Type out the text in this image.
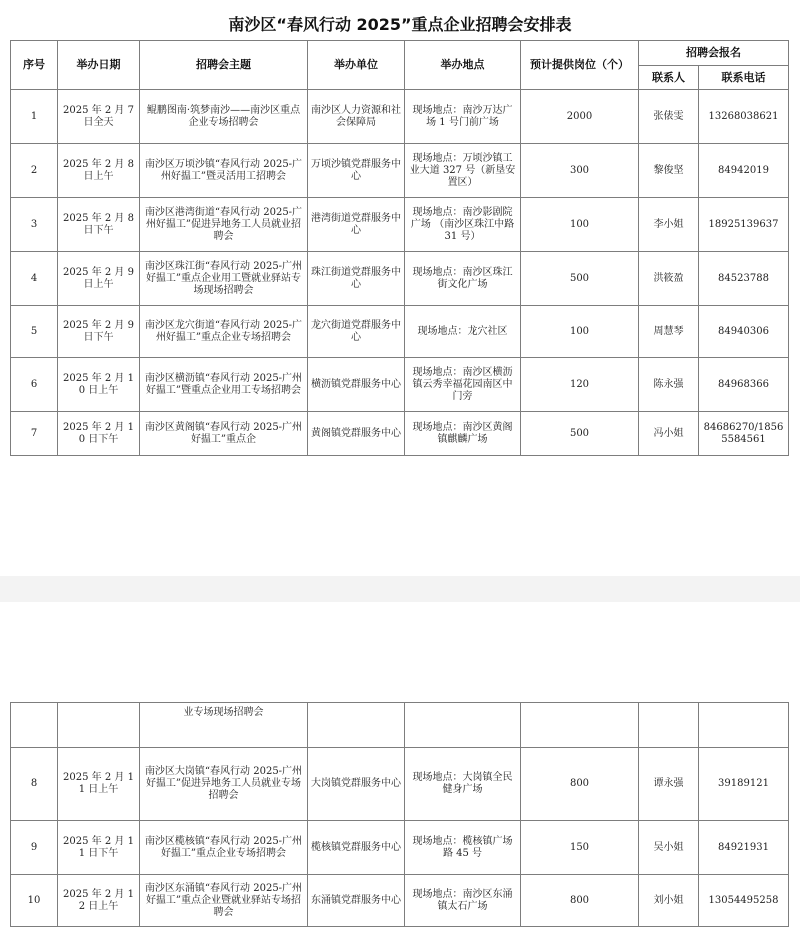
南沙区“春风行动 2025”重点企业招聘会安排表
序号	举办日期	招聘会主题	举办单位	举办地点	预计提供岗位（个）	招聘会报名	
						联系人	联系电话
1	2025 年 2 月 7 日全天	鲲鹏图南·筑梦南沙——南沙区重点企业专场招聘会	南沙区人力资源和社会保障局	现场地点：南沙万达广场 1 号门前广场	2000	张俵雯	13268038621
2	2025 年 2 月 8 日上午	南沙区万顷沙镇“春风行动 2025-广州好揾工”暨灵活用工招聘会	万顷沙镇党群服务中心	现场地点：万顷沙镇工业大道 327 号（新垦安置区）	300	黎俊坚	84942019
3	2025 年 2 月 8 日下午	南沙区港湾街道“春风行动 2025-广州好揾工”促进异地务工人员就业招聘会	港湾街道党群服务中心	现场地点：南沙影剧院广场 （南沙区珠江中路 31 号）	100	李小姐	18925139637
4	2025 年 2 月 9 日上午	南沙区珠江街“春风行动 2025-广州好揾工”重点企业用工暨就业驿站专场现场招聘会	珠江街道党群服务中心	现场地点：南沙区珠江街文化广场	500	洪筱盈	84523788
5	2025 年 2 月 9 日下午	南沙区龙穴街道“春风行动 2025-广州好揾工”重点企业专场招聘会	龙穴街道党群服务中心	现场地点：龙穴社区	100	周慧琴	84940306
6	2025 年 2 月 10 日上午	南沙区横沥镇“春风行动 2025-广州好揾工”暨重点企业用工专场招聘会	横沥镇党群服务中心	现场地点：南沙区横沥镇云秀幸福花园南区中门旁	120	陈永强	84968366
7	2025 年 2 月 10 日下午	南沙区黄阁镇“春风行动 2025-广州好揾工”重点企	黄阁镇党群服务中心	现场地点：南沙区黄阁镇麒麟广场	500	冯小姐	84686270/18565584561
		业专场现场招聘会					
8	2025 年 2 月 11 日上午	南沙区大岗镇“春风行动 2025-广州好揾工”促进异地务工人员就业专场招聘会	大岗镇党群服务中心	现场地点：大岗镇全民健身广场	800	谭永强	39189121
9	2025 年 2 月 11 日下午	南沙区榄核镇“春风行动 2025-广州好揾工”重点企业专场招聘会	榄核镇党群服务中心	现场地点：榄核镇广场路 45 号	150	吴小姐	84921931
10	2025 年 2 月 12 日上午	南沙区东涌镇“春风行动 2025-广州好揾工”重点企业暨就业驿站专场招聘会	东涌镇党群服务中心	现场地点：南沙区东涌镇太石广场	800	刘小姐	13054495258
